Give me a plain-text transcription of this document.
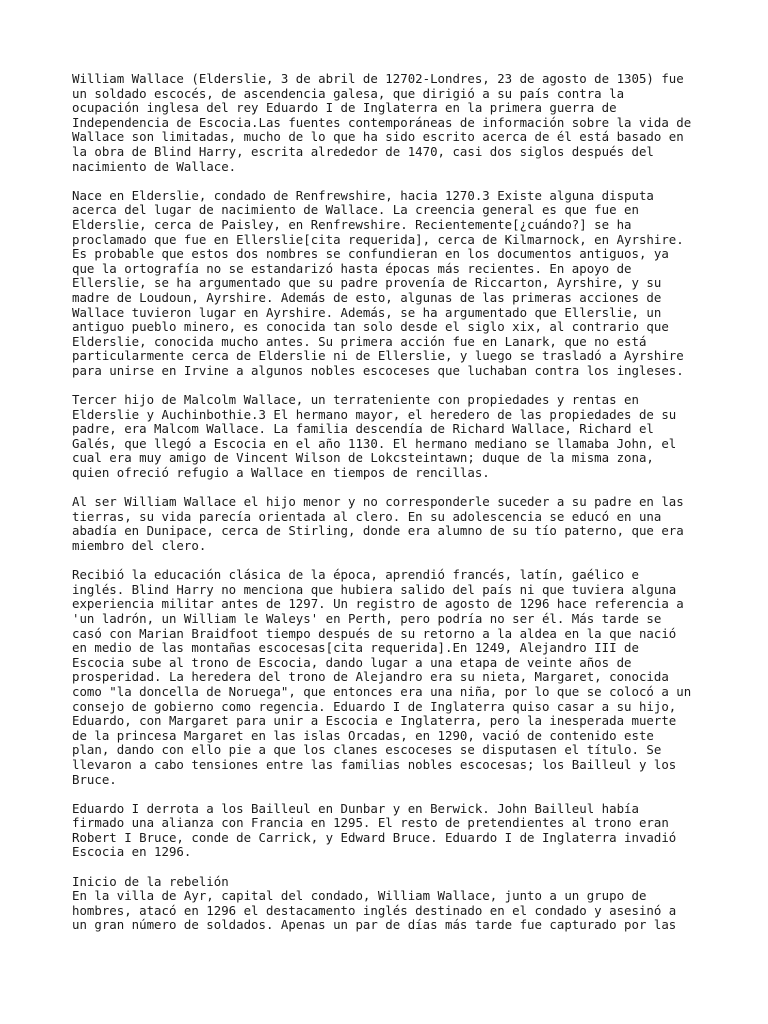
William Wallace (Elderslie, 3 de abril de 12702-Londres, 23 de agosto de 1305) fue
un soldado escocés, de ascendencia galesa, que dirigió a su país contra la
ocupación inglesa del rey Eduardo I de Inglaterra en la primera guerra de
Independencia de Escocia.Las fuentes contemporáneas de información sobre la vida de
Wallace son limitadas, mucho de lo que ha sido escrito acerca de él está basado en
la obra de Blind Harry, escrita alrededor de 1470, casi dos siglos después del
nacimiento de Wallace.

Nace en Elderslie, condado de Renfrewshire, hacia 1270.3 Existe alguna disputa
acerca del lugar de nacimiento de Wallace. La creencia general es que fue en
Elderslie, cerca de Paisley, en Renfrewshire. Recientemente[¿cuándo?] se ha
proclamado que fue en Ellerslie[cita requerida], cerca de Kilmarnock, en Ayrshire.
Es probable que estos dos nombres se confundieran en los documentos antiguos, ya
que la ortografía no se estandarizó hasta épocas más recientes. En apoyo de
Ellerslie, se ha argumentado que su padre provenía de Riccarton, Ayrshire, y su
madre de Loudoun, Ayrshire. Además de esto, algunas de las primeras acciones de
Wallace tuvieron lugar en Ayrshire. Además, se ha argumentado que Ellerslie, un
antiguo pueblo minero, es conocida tan solo desde el siglo xix, al contrario que
Elderslie, conocida mucho antes. Su primera acción fue en Lanark, que no está
particularmente cerca de Elderslie ni de Ellerslie, y luego se trasladó a Ayrshire
para unirse en Irvine a algunos nobles escoceses que luchaban contra los ingleses.

Tercer hijo de Malcolm Wallace, un terrateniente con propiedades y rentas en
Elderslie y Auchinbothie.3 El hermano mayor, el heredero de las propiedades de su
padre, era Malcom Wallace. La familia descendía de Richard Wallace, Richard el
Galés, que llegó a Escocia en el año 1130. El hermano mediano se llamaba John, el
cual era muy amigo de Vincent Wilson de Lokcsteintawn; duque de la misma zona,
quien ofreció refugio a Wallace en tiempos de rencillas.

Al ser William Wallace el hijo menor y no corresponderle suceder a su padre en las
tierras, su vida parecía orientada al clero. En su adolescencia se educó en una
abadía en Dunipace, cerca de Stirling, donde era alumno de su tío paterno, que era
miembro del clero.

Recibió la educación clásica de la época, aprendió francés, latín, gaélico e
inglés. Blind Harry no menciona que hubiera salido del país ni que tuviera alguna
experiencia militar antes de 1297. Un registro de agosto de 1296 hace referencia a
'un ladrón, un William le Waleys' en Perth, pero podría no ser él. Más tarde se
casó con Marian Braidfoot tiempo después de su retorno a la aldea en la que nació
en medio de las montañas escocesas[cita requerida].En 1249, Alejandro III de
Escocia sube al trono de Escocia, dando lugar a una etapa de veinte años de
prosperidad. La heredera del trono de Alejandro era su nieta, Margaret, conocida
como "la doncella de Noruega", que entonces era una niña, por lo que se colocó a un
consejo de gobierno como regencia. Eduardo I de Inglaterra quiso casar a su hijo,
Eduardo, con Margaret para unir a Escocia e Inglaterra, pero la inesperada muerte
de la princesa Margaret en las islas Orcadas, en 1290, vació de contenido este
plan, dando con ello pie a que los clanes escoceses se disputasen el título. Se
llevaron a cabo tensiones entre las familias nobles escocesas; los Bailleul y los
Bruce.

Eduardo I derrota a los Bailleul en Dunbar y en Berwick. John Bailleul había
firmado una alianza con Francia en 1295. El resto de pretendientes al trono eran
Robert I Bruce, conde de Carrick, y Edward Bruce. Eduardo I de Inglaterra invadió
Escocia en 1296.

Inicio de la rebelión

En la villa de Ayr, capital del condado, William Wallace, junto a un grupo de
hombres, atacó en 1296 el destacamento inglés destinado en el condado y asesinó a
un gran número de soldados. Apenas un par de días más tarde fue capturado por las
